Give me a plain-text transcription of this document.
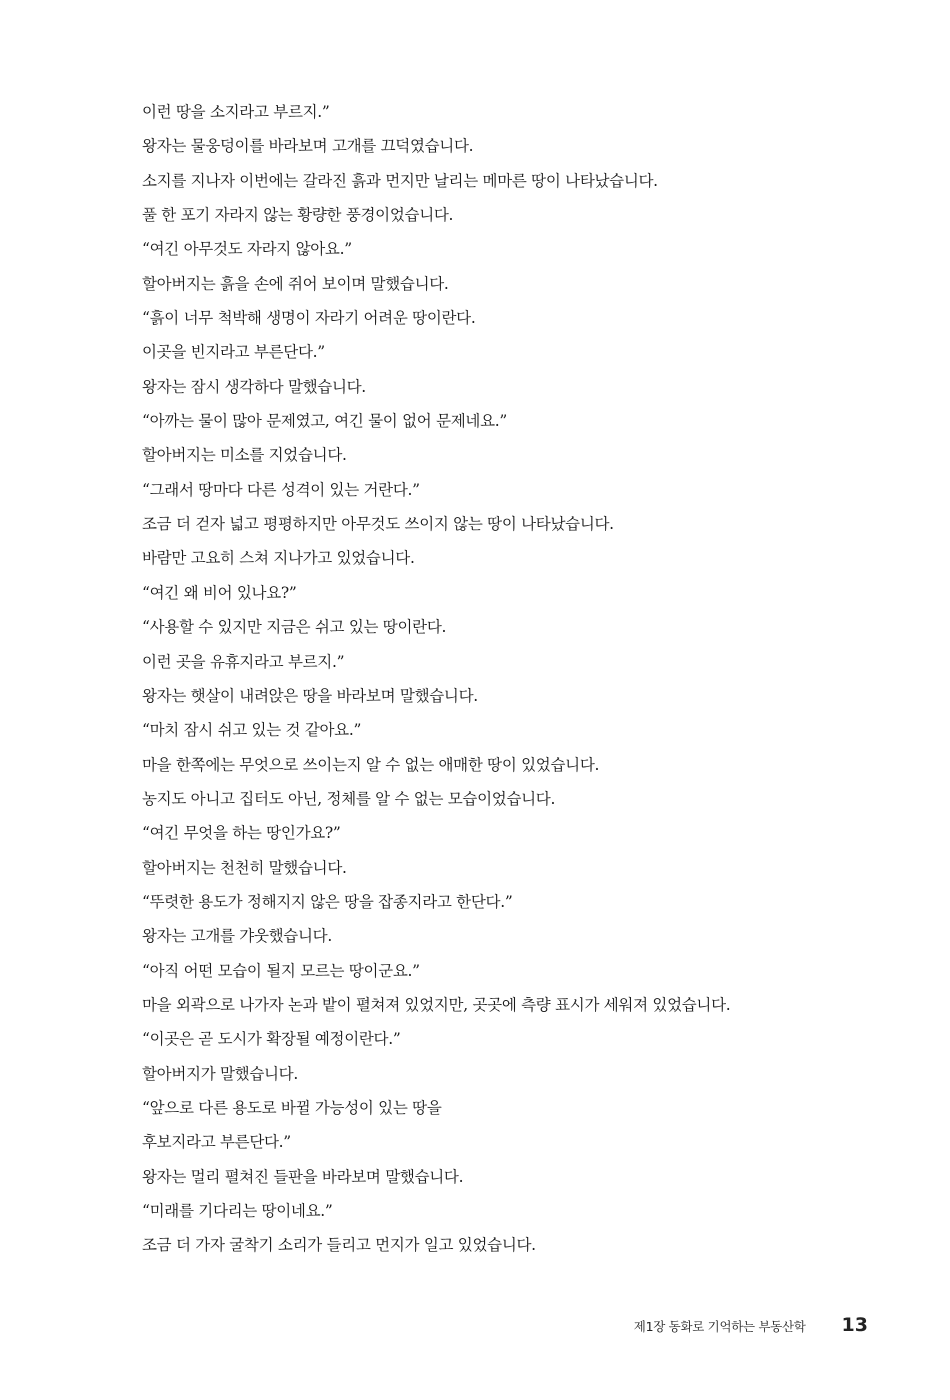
이런 땅을 소지라고 부르지.”
왕자는 물웅덩이를 바라보며 고개를 끄덕였습니다.
소지를 지나자 이번에는 갈라진 흙과 먼지만 날리는 메마른 땅이 나타났습니다.
풀 한 포기 자라지 않는 황량한 풍경이었습니다.
“여긴 아무것도 자라지 않아요.”
할아버지는 흙을 손에 쥐어 보이며 말했습니다.
“흙이 너무 척박해 생명이 자라기 어려운 땅이란다.
이곳을 빈지라고 부른단다.”
왕자는 잠시 생각하다 말했습니다.
“아까는 물이 많아 문제였고, 여긴 물이 없어 문제네요.”
할아버지는 미소를 지었습니다.
“그래서 땅마다 다른 성격이 있는 거란다.”
조금 더 걷자 넓고 평평하지만 아무것도 쓰이지 않는 땅이 나타났습니다.
바람만 고요히 스쳐 지나가고 있었습니다.
“여긴 왜 비어 있나요?”
“사용할 수 있지만 지금은 쉬고 있는 땅이란다.
이런 곳을 유휴지라고 부르지.”
왕자는 햇살이 내려앉은 땅을 바라보며 말했습니다.
“마치 잠시 쉬고 있는 것 같아요.”
마을 한쪽에는 무엇으로 쓰이는지 알 수 없는 애매한 땅이 있었습니다.
농지도 아니고 집터도 아닌, 정체를 알 수 없는 모습이었습니다.
“여긴 무엇을 하는 땅인가요?”
할아버지는 천천히 말했습니다.
“뚜렷한 용도가 정해지지 않은 땅을 잡종지라고 한단다.”
왕자는 고개를 갸웃했습니다.
“아직 어떤 모습이 될지 모르는 땅이군요.”
마을 외곽으로 나가자 논과 밭이 펼쳐져 있었지만, 곳곳에 측량 표시가 세워져 있었습니다.
“이곳은 곧 도시가 확장될 예정이란다.”
할아버지가 말했습니다.
“앞으로 다른 용도로 바뀔 가능성이 있는 땅을
후보지라고 부른단다.”
왕자는 멀리 펼쳐진 들판을 바라보며 말했습니다.
“미래를 기다리는 땅이네요.”
조금 더 가자 굴착기 소리가 들리고 먼지가 일고 있었습니다.
제1장 동화로 기억하는 부동산학 13
